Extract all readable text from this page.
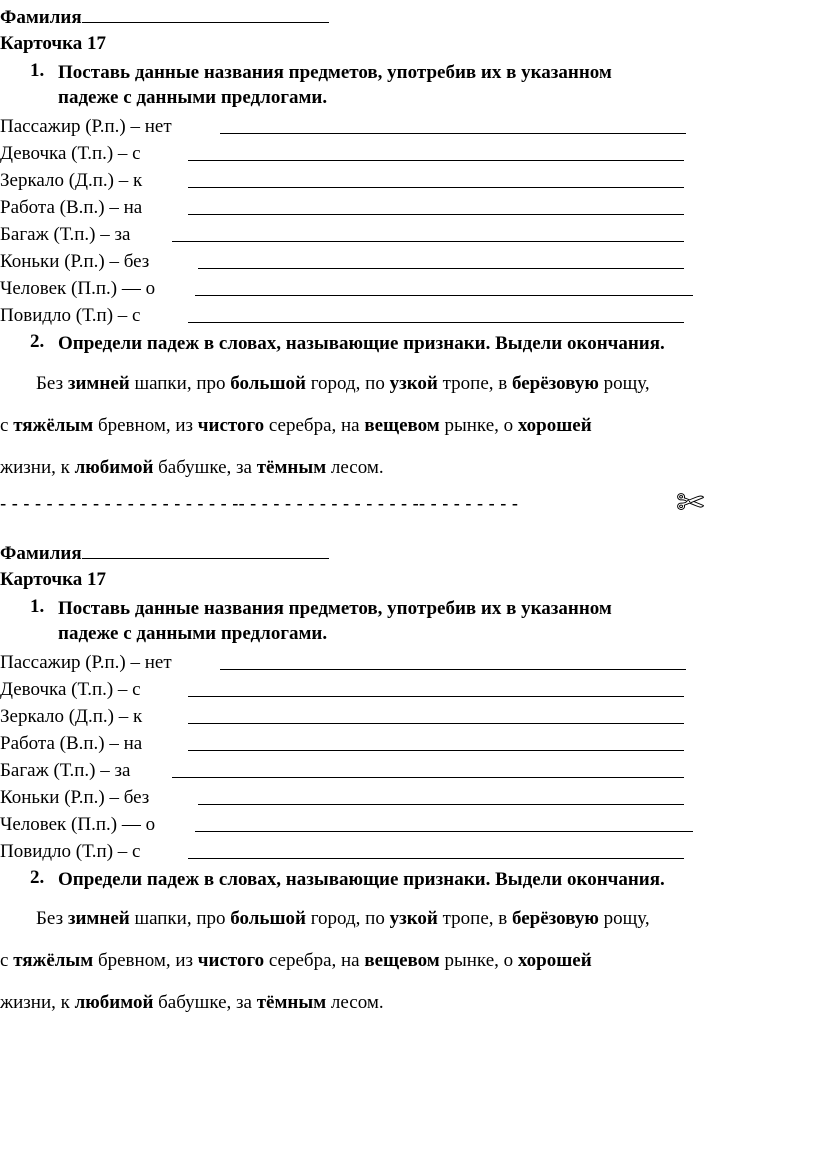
Фамилия
Карточка 17
1. Поставь данные названия предметов, употребив их в указанном
падеже с данными предлогами.
Пассажир (Р.п.) – нет
Девочка (Т.п.) – с
Зеркало (Д.п.) – к
Работа (В.п.) – на
Багаж (Т.п.) – за
Коньки (Р.п.) – без
Человек (П.п.) — о
Повидло (Т.п) – с
2. Определи падеж в словах, называющие признаки. Выдели окончания.
Без зимней шапки, про большой город, по узкой тропе, в берёзовую рощу,
с тяжёлым бревном, из чистого серебра, на вещевом рынке, о хорошей
жизни, к любимой бабушке, за тёмным лесом.
- - - - - - - - - - - - - - - - - - - - -- - - - - - - - - - - - - - - -- - - - - - - - -	✄
Фамилия
Карточка 17
1. Поставь данные названия предметов, употребив их в указанном
падеже с данными предлогами.
Пассажир (Р.п.) – нет
Девочка (Т.п.) – с
Зеркало (Д.п.) – к
Работа (В.п.) – на
Багаж (Т.п.) – за
Коньки (Р.п.) – без
Человек (П.п.) — о
Повидло (Т.п) – с
2. Определи падеж в словах, называющие признаки. Выдели окончания.
Без зимней шапки, про большой город, по узкой тропе, в берёзовую рощу,
с тяжёлым бревном, из чистого серебра, на вещевом рынке, о хорошей
жизни, к любимой бабушке, за тёмным лесом.
